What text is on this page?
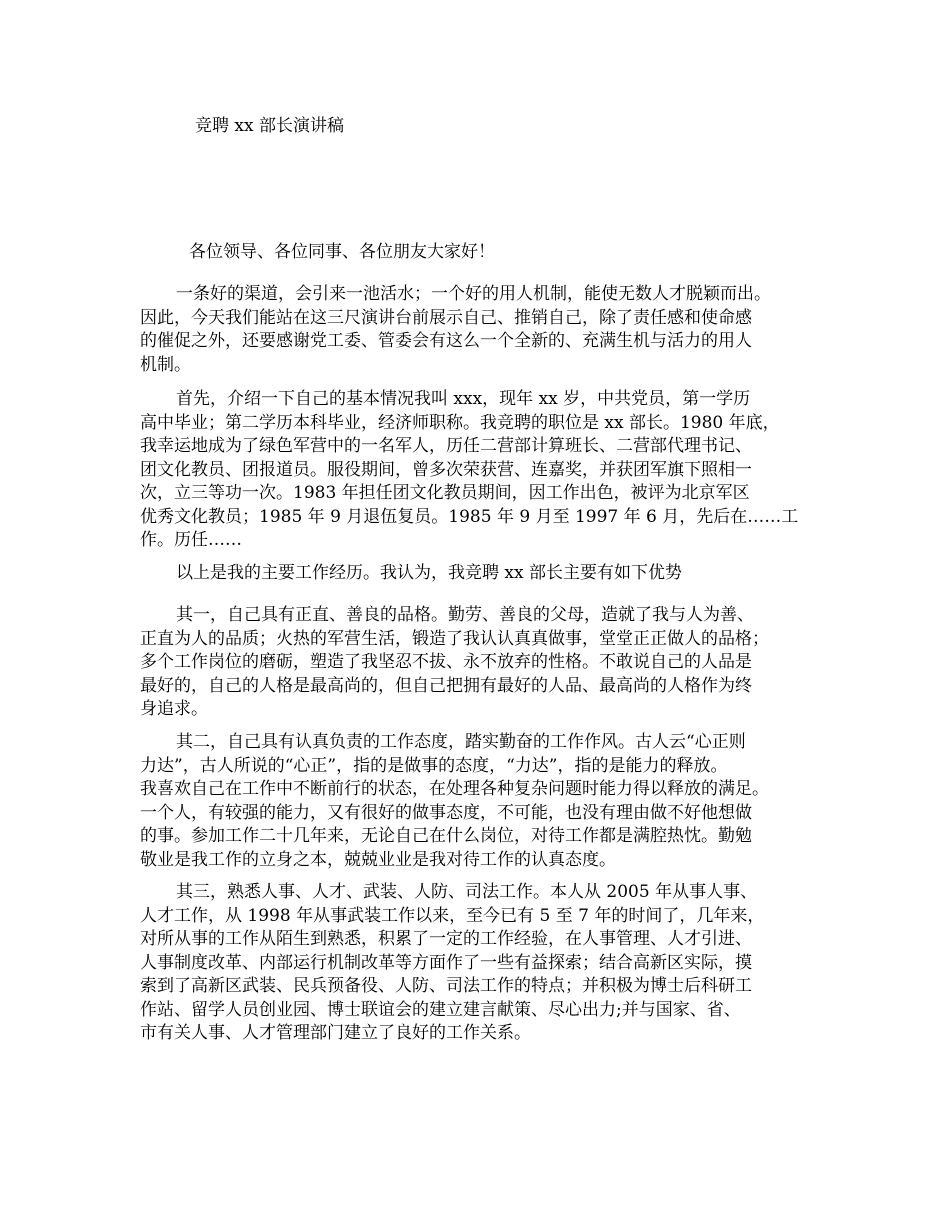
竞聘 xx 部长演讲稿
各位领导、各位同事、各位朋友大家好！
一条好的渠道，会引来一池活水；一个好的用人机制，能使无数人才脱颖而出。
因此，今天我们能站在这三尺演讲台前展示自己、推销自己，除了责任感和使命感
的催促之外，还要感谢党工委、管委会有这么一个全新的、充满生机与活力的用人
机制。
首先，介绍一下自己的基本情况我叫 xxx，现年 xx 岁，中共党员，第一学历
高中毕业；第二学历本科毕业，经济师职称。我竞聘的职位是 xx 部长。1980 年底，
我幸运地成为了绿色军营中的一名军人，历任二营部计算班长、二营部代理书记、
团文化教员、团报道员。服役期间，曾多次荣获营、连嘉奖，并获团军旗下照相一
次，立三等功一次。1983 年担任团文化教员期间，因工作出色，被评为北京军区
优秀文化教员；1985 年 9 月退伍复员。1985 年 9 月至 1997 年 6 月，先后在……工
作。历任……
以上是我的主要工作经历。我认为，我竞聘 xx 部长主要有如下优势
其一，自己具有正直、善良的品格。勤劳、善良的父母，造就了我与人为善、
正直为人的品质；火热的军营生活，锻造了我认认真真做事，堂堂正正做人的品格；
多个工作岗位的磨砺，塑造了我坚忍不拔、永不放弃的性格。不敢说自己的人品是
最好的，自己的人格是最高尚的，但自己把拥有最好的人品、最高尚的人格作为终
身追求。
其二，自己具有认真负责的工作态度，踏实勤奋的工作作风。古人云“心正则
力达”，古人所说的“心正”，指的是做事的态度，“力达”，指的是能力的释放。
我喜欢自己在工作中不断前行的状态，在处理各种复杂问题时能力得以释放的满足。
一个人，有较强的能力，又有很好的做事态度，不可能，也没有理由做不好他想做
的事。参加工作二十几年来，无论自己在什么岗位，对待工作都是满腔热忱。勤勉
敬业是我工作的立身之本，兢兢业业是我对待工作的认真态度。
其三，熟悉人事、人才、武装、人防、司法工作。本人从 2005 年从事人事、
人才工作，从 1998 年从事武装工作以来，至今已有 5 至 7 年的时间了，几年来，
对所从事的工作从陌生到熟悉，积累了一定的工作经验，在人事管理、人才引进、
人事制度改革、内部运行机制改革等方面作了一些有益探索；结合高新区实际，摸
索到了高新区武装、民兵预备役、人防、司法工作的特点；并积极为博士后科研工
作站、留学人员创业园、博士联谊会的建立建言献策、尽心出力;并与国家、省、
市有关人事、人才管理部门建立了良好的工作关系。
